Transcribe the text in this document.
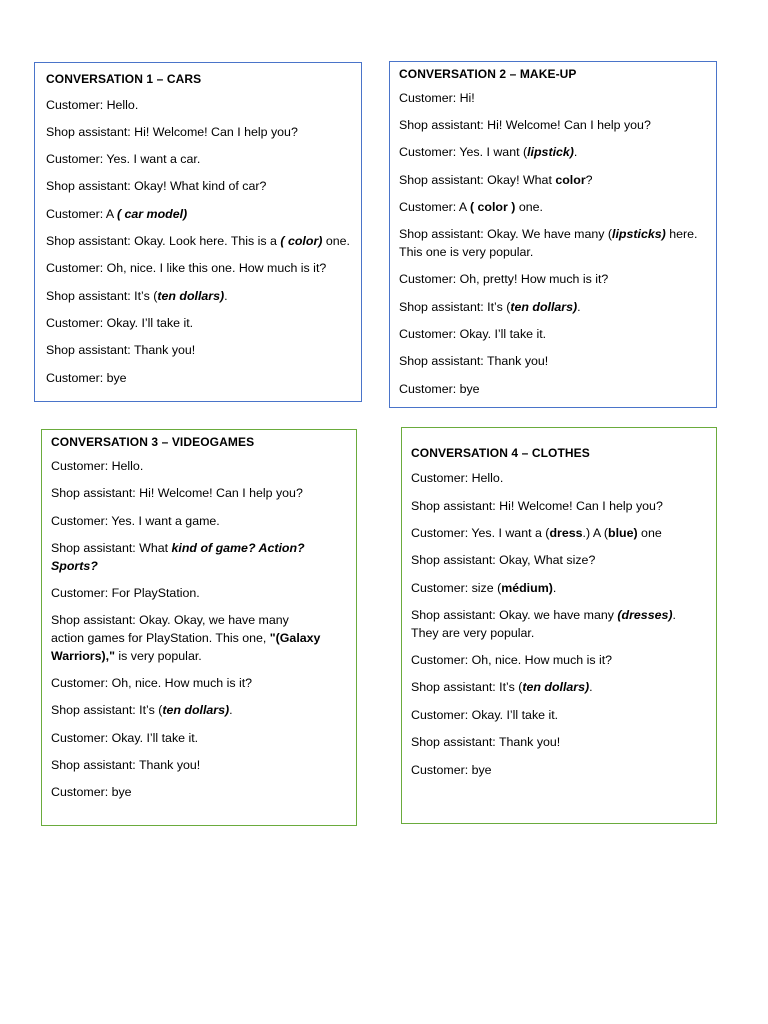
CONVERSATION 1 – CARS
Customer: Hello.
Shop assistant: Hi! Welcome! Can I help you?
Customer: Yes. I want a car.
Shop assistant: Okay! What kind of car?
Customer: A ( car model)
Shop assistant: Okay. Look here. This is a ( color) one.
Customer: Oh, nice. I like this one. How much is it?
Shop assistant: It’s (ten dollars).
Customer: Okay. I’ll take it.
Shop assistant: Thank you!
Customer: bye
CONVERSATION 2 – MAKE-UP
Customer: Hi!
Shop assistant: Hi! Welcome! Can I help you?
Customer: Yes. I want (lipstick).
Shop assistant: Okay! What color?
Customer: A ( color ) one.
Shop assistant: Okay. We have many (lipsticks) here. This one is very popular.
Customer: Oh, pretty! How much is it?
Shop assistant: It’s (ten dollars).
Customer: Okay. I’ll take it.
Shop assistant: Thank you!
Customer: bye
CONVERSATION 3 – VIDEOGAMES
Customer: Hello.
Shop assistant: Hi! Welcome! Can I help you?
Customer: Yes. I want a game.
Shop assistant: What kind of game? Action? Sports?
Customer: For PlayStation.
Shop assistant: Okay. Okay, we have many action games for PlayStation. This one, "(Galaxy Warriors)," is very popular.
Customer: Oh, nice. How much is it?
Shop assistant: It’s (ten dollars).
Customer: Okay. I’ll take it.
Shop assistant: Thank you!
Customer: bye
CONVERSATION 4 – CLOTHES
Customer: Hello.
Shop assistant: Hi! Welcome! Can I help you?
Customer: Yes. I want a (dress.) A (blue) one
Shop assistant: Okay, What size?
Customer: size (médium).
Shop assistant: Okay. we have many (dresses). They are very popular.
Customer: Oh, nice. How much is it?
Shop assistant: It’s (ten dollars).
Customer: Okay. I’ll take it.
Shop assistant: Thank you!
Customer: bye
